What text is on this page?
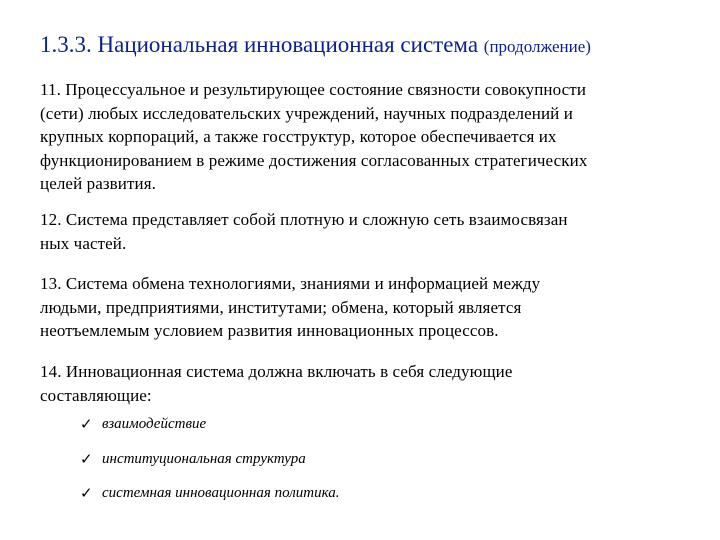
1.3.3. Национальная инновационная система (продолжение)
11. Процессуальное и результирующее состояние связности совокупности
(сети) любых исследовательских учреждений, научных подразделений и
крупных корпораций, а также госструктур, которое обеспечивается их
функционированием в режиме достижения согласованных стратегических
целей развития.
12. Система представляет собой плотную и сложную сеть взаимосвязан
ных частей.
13. Система обмена технологиями, знаниями и информацией между
людьми, предприятиями, институтами; обмена, который является
неотъемлемым условием развития инновационных процессов.
14. Инновационная система должна включать в себя следующие
составляющие:
✓ взаимодействие
✓ институциональная структура
✓ системная инновационная политика.
